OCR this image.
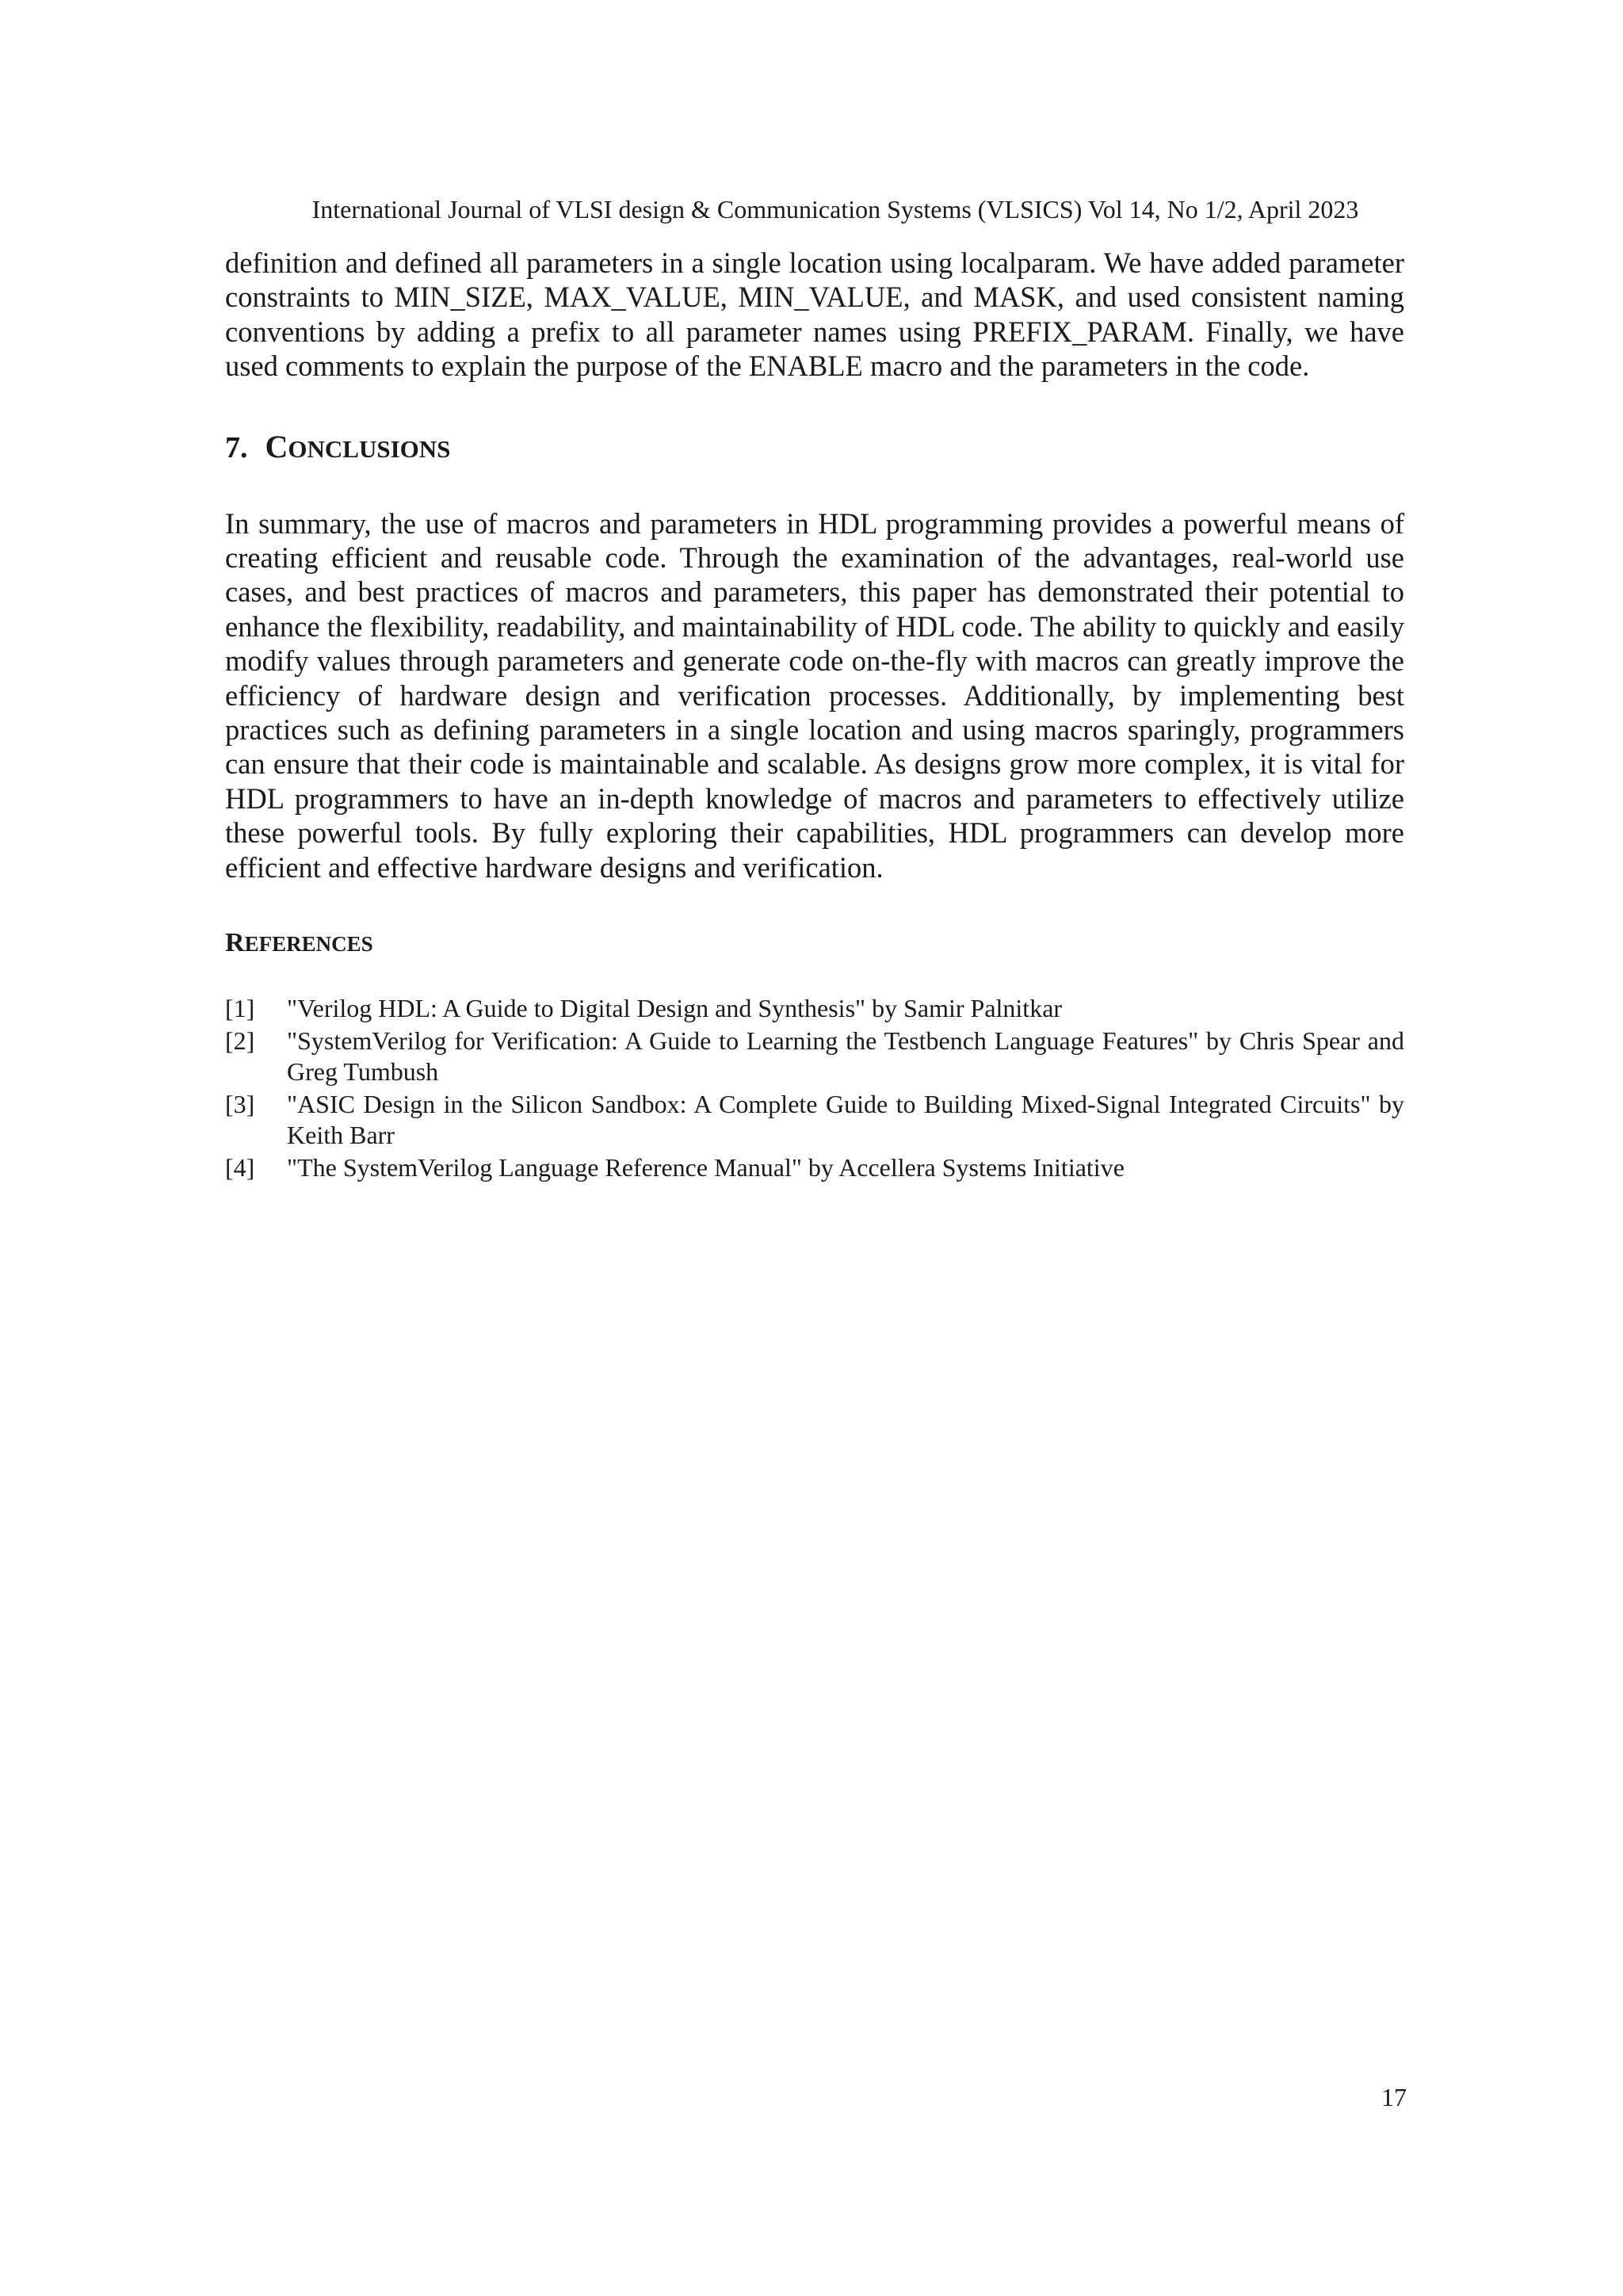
International Journal of VLSI design & Communication Systems (VLSICS) Vol 14, No 1/2, April 2023

definition and defined all parameters in a single location using localparam. We have added parameter constraints to MIN_SIZE, MAX_VALUE, MIN_VALUE, and MASK, and used consistent naming conventions by adding a prefix to all parameter names using PREFIX_PARAM. Finally, we have used comments to explain the purpose of the ENABLE macro and the parameters in the code.

7. CONCLUSIONS

In summary, the use of macros and parameters in HDL programming provides a powerful means of creating efficient and reusable code. Through the examination of the advantages, real-world use cases, and best practices of macros and parameters, this paper has demonstrated their potential to enhance the flexibility, readability, and maintainability of HDL code. The ability to quickly and easily modify values through parameters and generate code on-the-fly with macros can greatly improve the efficiency of hardware design and verification processes. Additionally, by implementing best practices such as defining parameters in a single location and using macros sparingly, programmers can ensure that their code is maintainable and scalable. As designs grow more complex, it is vital for HDL programmers to have an in-depth knowledge of macros and parameters to effectively utilize these powerful tools. By fully exploring their capabilities, HDL programmers can develop more efficient and effective hardware designs and verification.

REFERENCES
[1]	"Verilog HDL: A Guide to Digital Design and Synthesis" by Samir Palnitkar
[2]	"SystemVerilog for Verification: A Guide to Learning the Testbench Language Features" by Chris Spear and Greg Tumbush
[3]	"ASIC Design in the Silicon Sandbox: A Complete Guide to Building Mixed-Signal Integrated Circuits" by Keith Barr
[4]	"The SystemVerilog Language Reference Manual" by Accellera Systems Initiative
17
